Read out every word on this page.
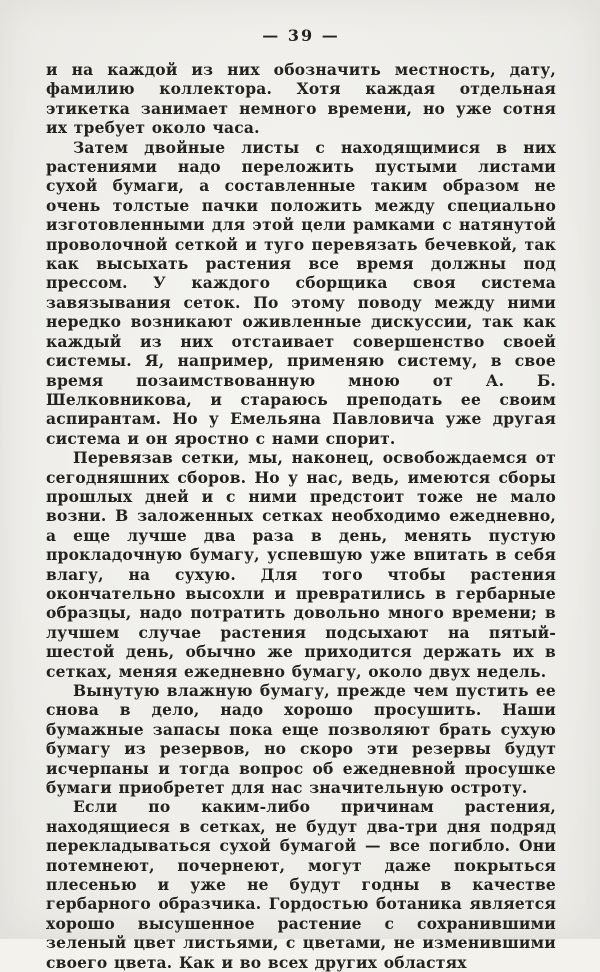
— 39 —

и на каждой из них обозначить местность, дату, фамилию коллектора. Хотя каждая отдельная этикетка занимает немного времени, но уже сотня их требует около часа.

Затем двойные листы с находящимися в них растениями надо переложить пустыми листами сухой бумаги, а составленные таким образом не очень толстые пачки положить между специально изготовленными для этой цели рамками с натянутой проволочной сеткой и туго перевязать бечевкой, так как высыхать растения все время должны под прессом. У каждого сборщика своя система завязывания сеток. По этому поводу между ними нередко возникают оживленные дискуссии, так как каждый из них отстаивает совершенство своей системы. Я, например, применяю систему, в свое время позаимствованную мною от А. Б. Шелковникова, и стараюсь преподать ее своим аспирантам. Но у Емельяна Павловича уже другая система и он яростно с нами спорит.

Перевязав сетки, мы, наконец, освобождаемся от сегодняшних сборов. Но у нас, ведь, имеются сборы прошлых дней и с ними предстоит тоже не мало возни. В заложенных сетках необходимо ежедневно, а еще лучше два раза в день, менять пустую прокладочную бумагу, успевшую уже впитать в себя влагу, на сухую. Для того чтобы растения окончательно высохли и превратились в гербарные образцы, надо потратить довольно много времени; в лучшем случае растения подсыхают на пятый-шестой день, обычно же приходится держать их в сетках, меняя ежедневно бумагу, около двух недель.

Вынутую влажную бумагу, прежде чем пустить ее снова в дело, надо хорошо просушить. Наши бумажные запасы пока еще позволяют брать сухую бумагу из резервов, но скоро эти резервы будут исчерпаны и тогда вопрос об ежедневной просушке бумаги приобретет для нас значительную остроту.

Если по каким-либо причинам растения, находящиеся в сетках, не будут два-три дня подряд перекладываться сухой бумагой — все погибло. Они потемнеют, почернеют, могут даже покрыться плесенью и уже не будут годны в качестве гербарного образчика. Гордостью ботаника является хорошо высушенное растение с сохранившими зеленый цвет листьями, с цветами, не изменившими своего цвета. Как и во всех других областях
